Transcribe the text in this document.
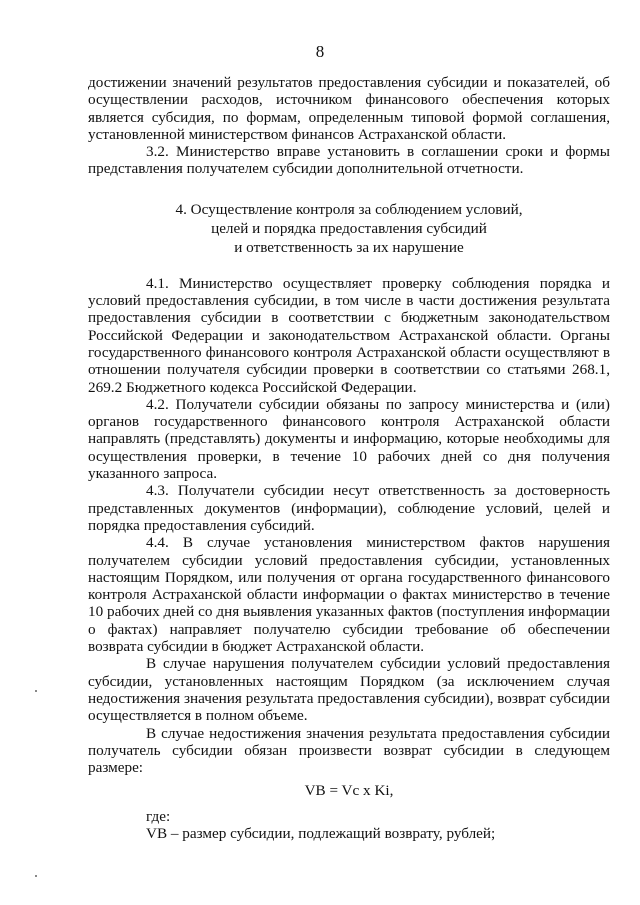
8

достижении значений результатов предоставления субсидии и показателей, об осуществлении расходов, источником финансового обеспечения которых является субсидия, по формам, определенным типовой формой соглашения, установленной министерством финансов Астраханской области.

3.2. Министерство вправе установить в соглашении сроки и формы представления получателем субсидии дополнительной отчетности.

4. Осуществление контроля за соблюдением условий,
целей и порядка предоставления субсидий
и ответственность за их нарушение

4.1. Министерство осуществляет проверку соблюдения порядка и условий предоставления субсидии, в том числе в части достижения результата предоставления субсидии в соответствии с бюджетным законодательством Российской Федерации и законодательством Астраханской области. Органы государственного финансового контроля Астраханской области осуществляют в отношении получателя субсидии проверки в соответствии со статьями 268.1, 269.2 Бюджетного кодекса Российской Федерации.

4.2. Получатели субсидии обязаны по запросу министерства и (или) органов государственного финансового контроля Астраханской области направлять (представлять) документы и информацию, которые необходимы для осуществления проверки, в течение 10 рабочих дней со дня получения указанного запроса.

4.3. Получатели субсидии несут ответственность за достоверность представленных документов (информации), соблюдение условий, целей и порядка предоставления субсидий.

4.4. В случае установления министерством фактов нарушения получателем субсидии условий предоставления субсидии, установленных настоящим Порядком, или получения от органа государственного финансового контроля Астраханской области информации о фактах министерство в течение 10 рабочих дней со дня выявления указанных фактов (поступления информации о фактах) направляет получателю субсидии требование об обеспечении возврата субсидии в бюджет Астраханской области.

В случае нарушения получателем субсидии условий предоставления субсидии, установленных настоящим Порядком (за исключением случая недостижения значения результата предоставления субсидии), возврат субсидии осуществляется в полном объеме.

В случае недостижения значения результата предоставления субсидии получатель субсидии обязан произвести возврат субсидии в следующем размере:

VB = Vc x Ki,

где:

VB – размер субсидии, подлежащий возврату, рублей;
